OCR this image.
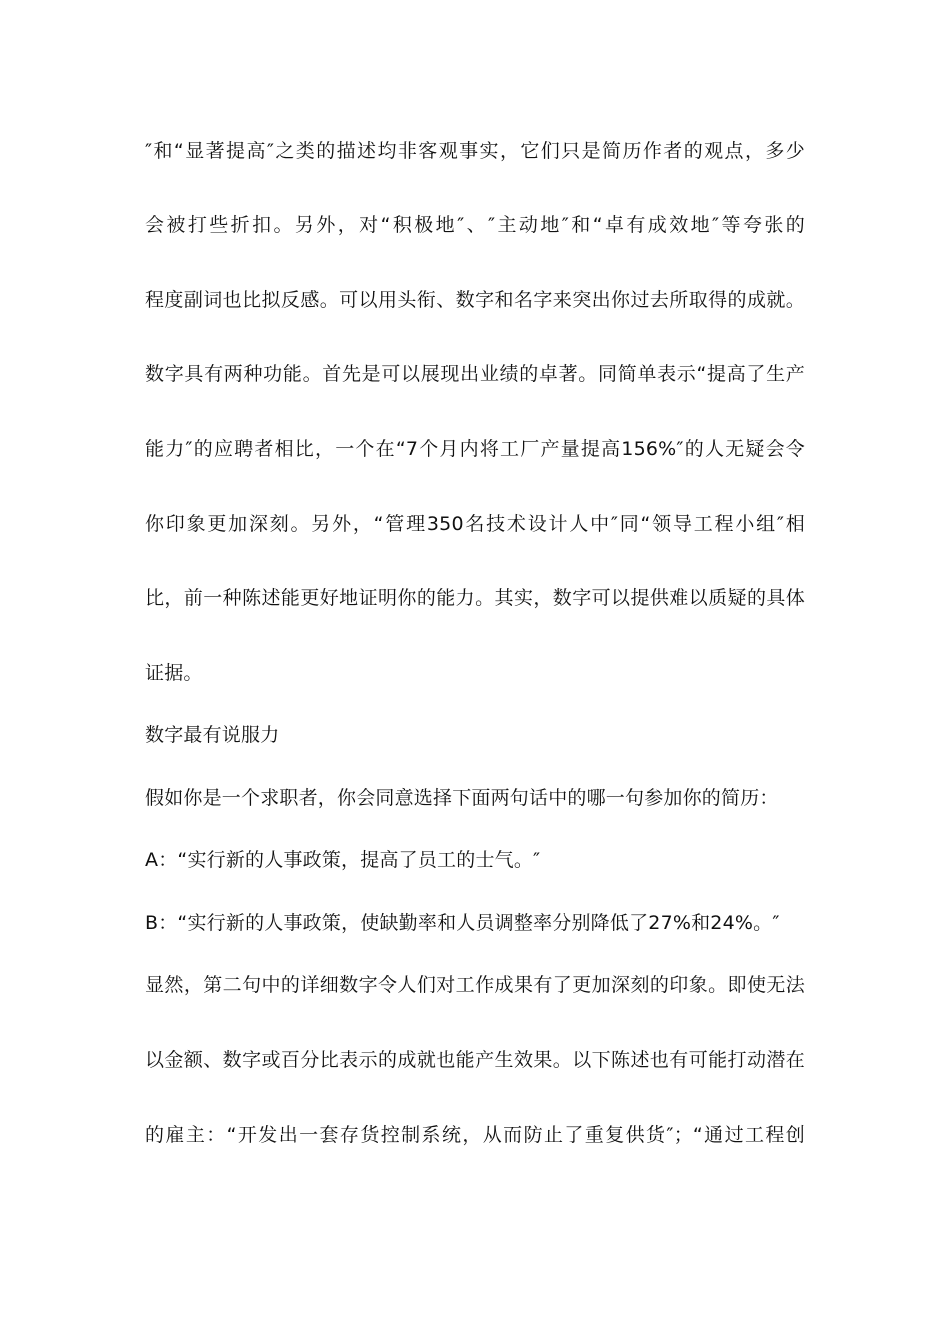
″和“显著提高″之类的描述均非客观事实，它们只是简历作者的观点，多少
会被打些折扣。另外，对“积极地″、″主动地″和“卓有成效地″等夸张的
程度副词也比拟反感。可以用头衔、数字和名字来突出你过去所取得的成就。
数字具有两种功能。首先是可以展现出业绩的卓著。同简单表示“提高了生产
能力″的应聘者相比，一个在“7个月内将工厂产量提高156%″的人无疑会令
你印象更加深刻。另外，“管理350名技术设计人中″同“领导工程小组″相
比，前一种陈述能更好地证明你的能力。其实，数字可以提供难以质疑的具体
证据。
数字最有说服力
假如你是一个求职者，你会同意选择下面两句话中的哪一句参加你的简历：
A：“实行新的人事政策，提高了员工的士气。″
B：“实行新的人事政策，使缺勤率和人员调整率分别降低了27%和24%。″
显然，第二句中的详细数字令人们对工作成果有了更加深刻的印象。即使无法
以金额、数字或百分比表示的成就也能产生效果。以下陈述也有可能打动潜在
的雇主：“开发出一套存货控制系统，从而防止了重复供货″；“通过工程创
